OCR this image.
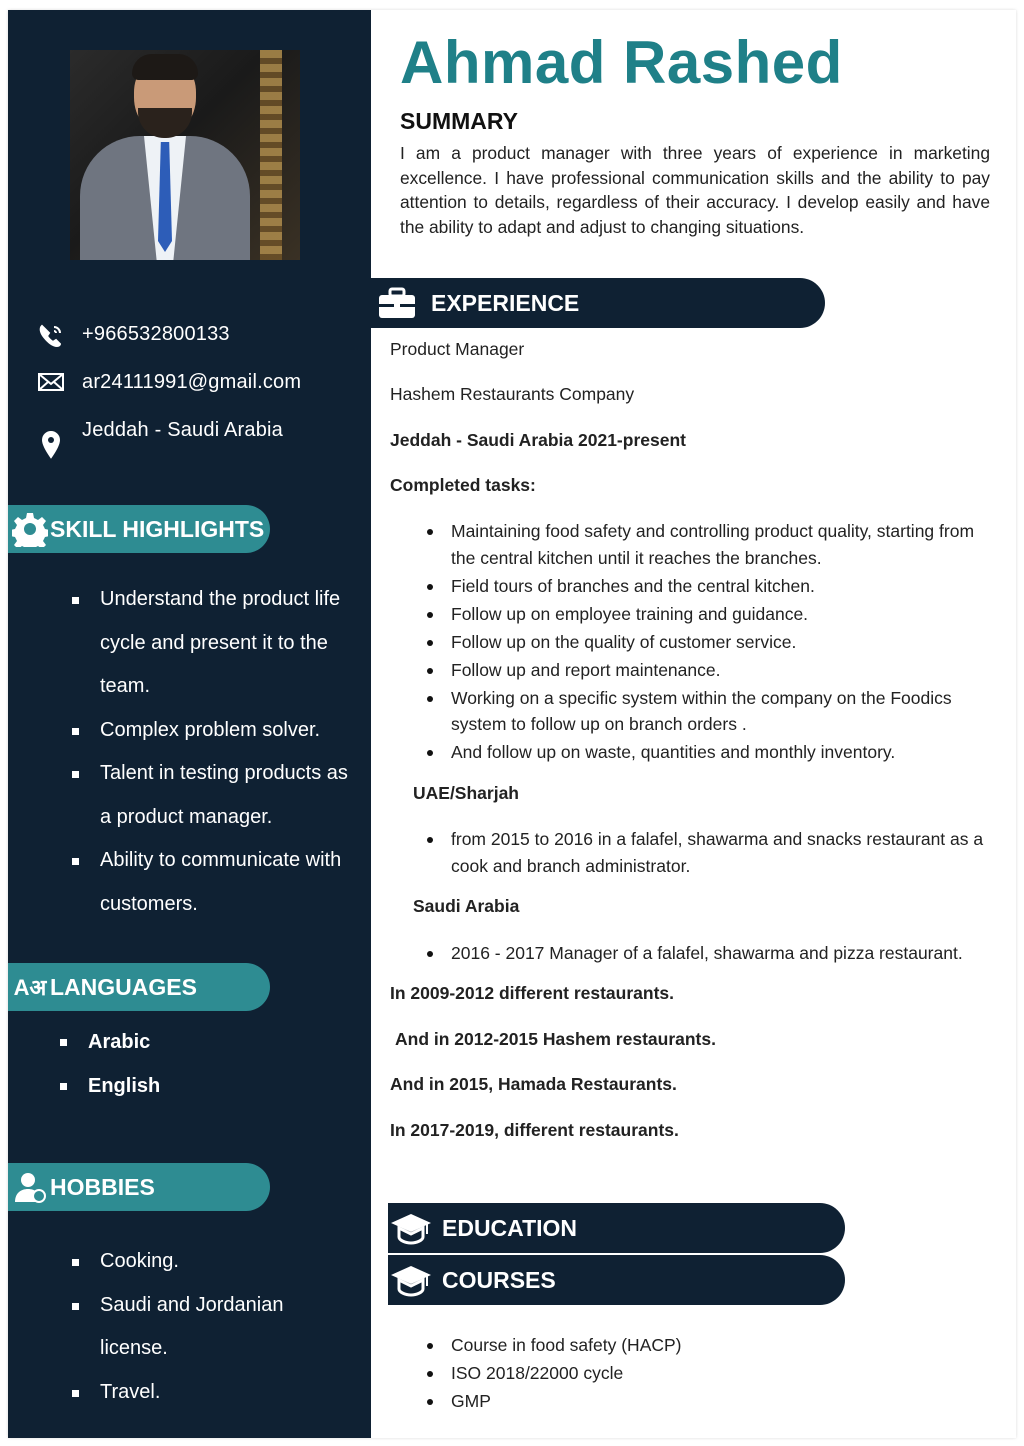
+966532800133
ar24111991@gmail.com
Jeddah - Saudi Arabia
SKILL HIGHLIGHTS
Understand the product life cycle and present it to the team.
Complex problem solver.
Talent in testing products as a product manager.
Ability to communicate with customers.
Aअ LANGUAGES
Arabic
English
HOBBIES
Cooking.
Saudi and Jordanian license.
Travel.
Ahmad Rashed
SUMMARY

I am a product manager with three years of experience in marketing excellence. I have professional communication skills and the ability to pay attention to details, regardless of their accuracy. I develop easily and have the ability to adapt and adjust to changing situations.

EXPERIENCE
Product Manager
Hashem Restaurants Company
Jeddah - Saudi Arabia 2021-present
Completed tasks:
Maintaining food safety and controlling product quality, starting from the central kitchen until it reaches the branches.
Field tours of branches and the central kitchen.
Follow up on employee training and guidance.
Follow up on the quality of customer service.
Follow up and report maintenance.
Working on a specific system within the company on the Foodics system to follow up on branch orders .
And follow up on waste, quantities and monthly inventory.
UAE/Sharjah
from 2015 to 2016 in a falafel, shawarma and snacks restaurant as a cook and branch administrator.
Saudi Arabia
2016 - 2017 Manager of a falafel, shawarma and pizza restaurant.
In 2009-2012 different restaurants.
And in 2012-2015 Hashem restaurants.
And in 2015, Hamada Restaurants.
In 2017-2019, different restaurants.
EDUCATION
COURSES
Course in food safety (HACP)
ISO 2018/22000 cycle
GMP
